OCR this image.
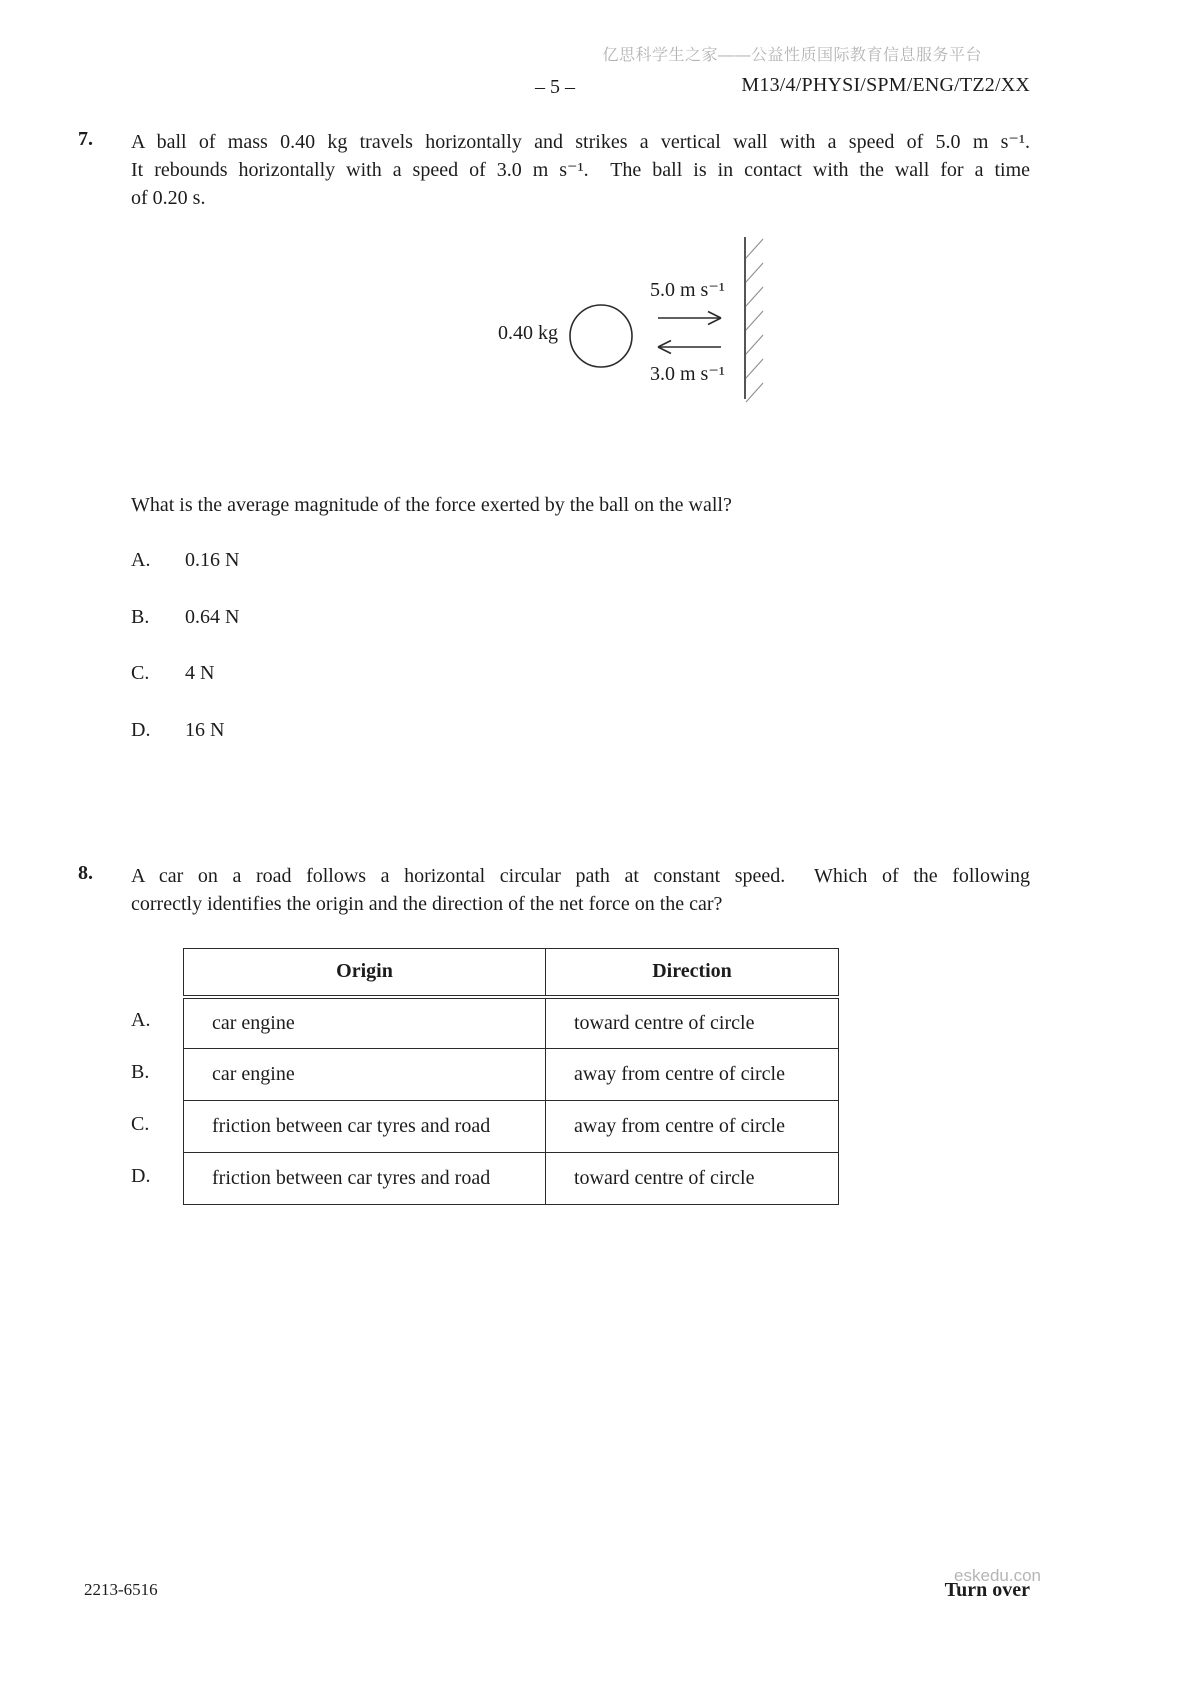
亿思科学生之家——公益性质国际教育信息服务平台
– 5 –	M13/4/PHYSI/SPM/ENG/TZ2/XX
7. A ball of mass 0.40 kg travels horizontally and strikes a vertical wall with a speed of 5.0 m s⁻¹.
It rebounds horizontally with a speed of 3.0 m s⁻¹.  The ball is in contact with the wall for a time
of 0.20 s.
0.40 kg
5.0 m s⁻¹
3.0 m s⁻¹
What is the average magnitude of the force exerted by the ball on the wall?
A. 0.16 N
B. 0.64 N
C. 4 N
D. 16 N
8. A car on a road follows a horizontal circular path at constant speed.  Which of the following
correctly identifies the origin and the direction of the net force on the car?
A.
B.
C.
D.
Origin	Direction
car engine	toward centre of circle
car engine	away from centre of circle
friction between car tyres and road	away from centre of circle
friction between car tyres and road	toward centre of circle
2213-6516
eskedu.con
Turn over
